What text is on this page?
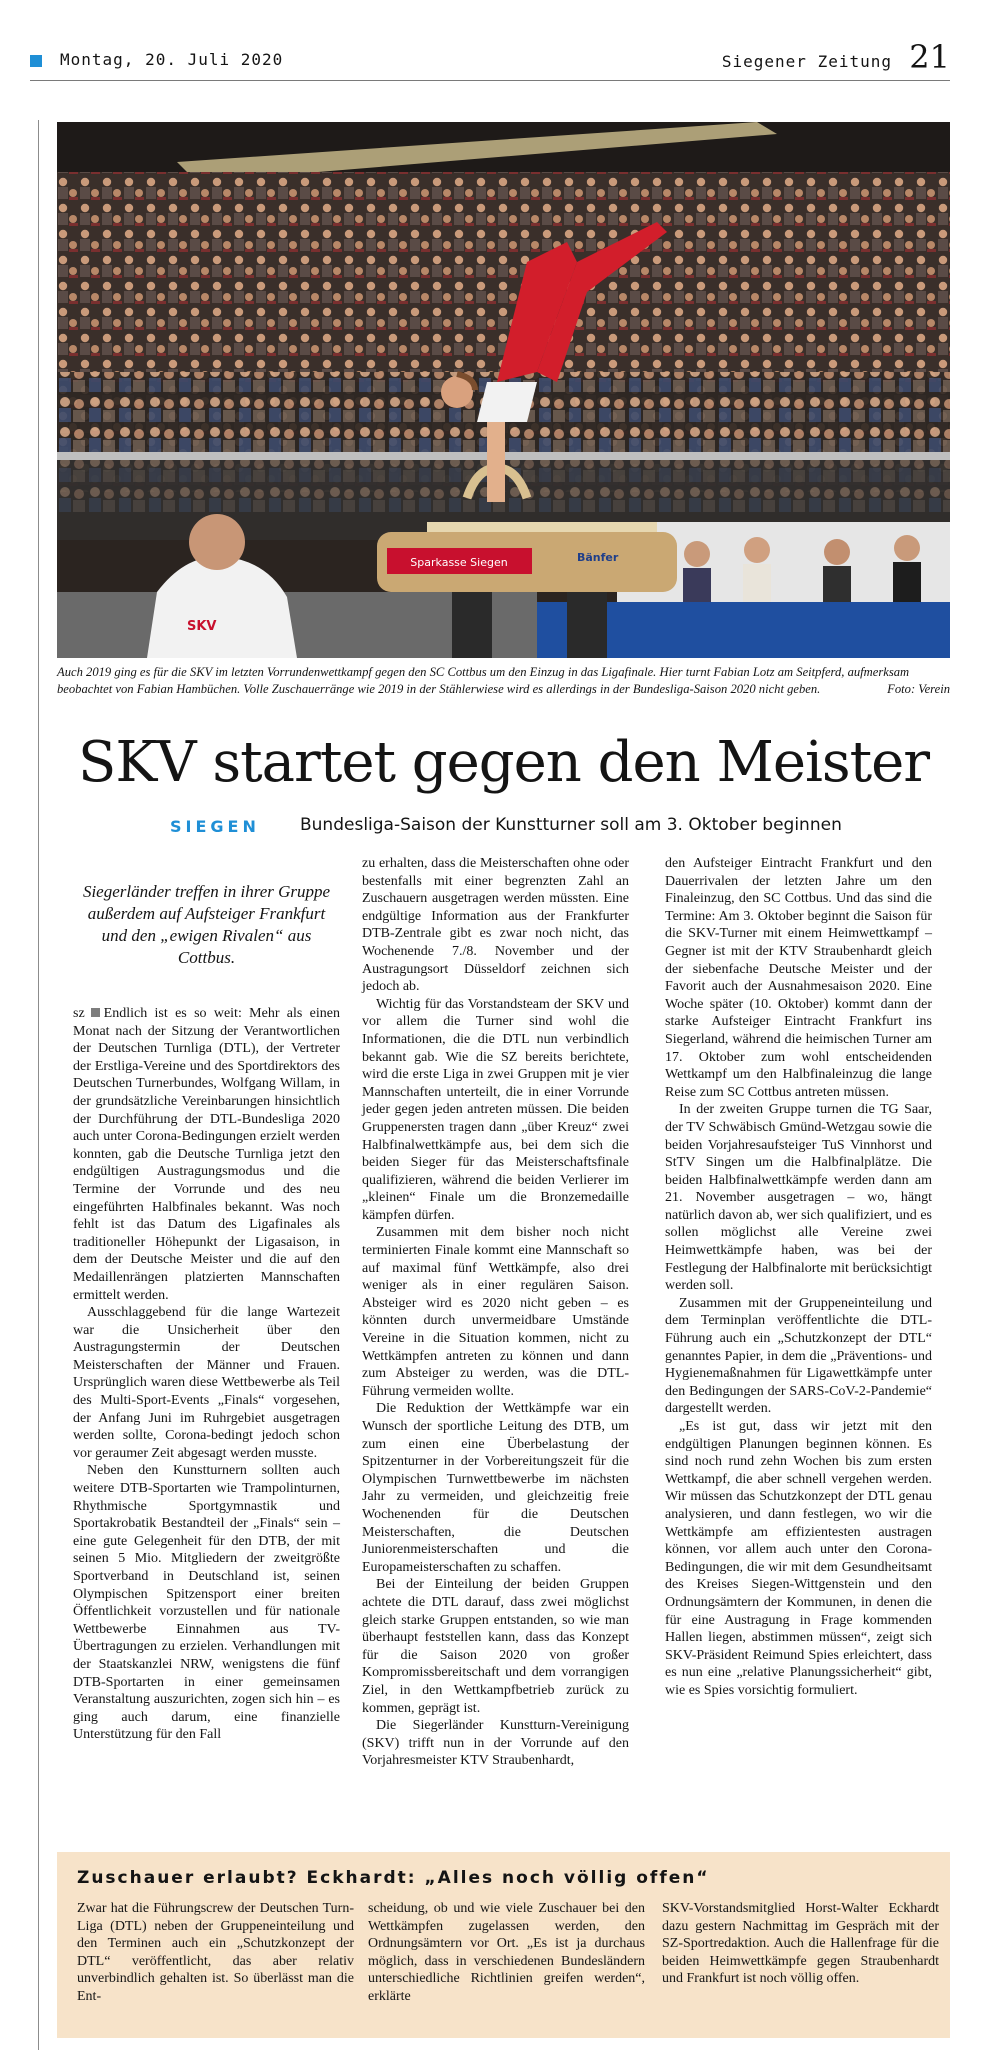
Montag, 20. Juli 2020	Siegener Zeitung 21
Sparkasse Siegen	Bänfer
SKV
Auch 2019 ging es für die SKV im letzten Vorrundenwettkampf gegen den SC Cottbus um den Einzug in das Ligafinale. Hier turnt Fabian Lotz am Seitpferd, aufmerksam beobachtet von Fabian Hambüchen. Volle Zuschauerränge wie 2019 in der Stählerwiese wird es allerdings in der Bundesliga-Saison 2020 nicht geben.	Foto: Verein
SKV startet gegen den Meister
SIEGEN Bundesliga-Saison der Kunstturner soll am 3. Oktober beginnen
Siegerländer treffen in ihrer Gruppe außerdem auf Aufsteiger Frankfurt und den „ewigen Rivalen“ aus Cottbus.

sz Endlich ist es so weit: Mehr als einen Monat nach der Sitzung der Verantwortlichen der Deutschen Turnliga (DTL), der Vertreter der Erstliga-Vereine und des Sportdirektors des Deutschen Turnerbundes, Wolfgang Willam, in der grundsätzliche Vereinbarungen hinsichtlich der Durchführung der DTL-Bundesliga 2020 auch unter Corona-Bedingungen erzielt werden konnten, gab die Deutsche Turnliga jetzt den endgültigen Austragungsmodus und die Termine der Vorrunde und des neu eingeführten Halbfinales bekannt. Was noch fehlt ist das Datum des Ligafinales als traditioneller Höhepunkt der Ligasaison, in dem der Deutsche Meister und die auf den Medaillenrängen platzierten Mannschaften ermittelt werden.

Ausschlaggebend für die lange Wartezeit war die Unsicherheit über den Austragungstermin der Deutschen Meisterschaften der Männer und Frauen. Ursprünglich waren diese Wettbewerbe als Teil des Multi-Sport-Events „Finals“ vorgesehen, der Anfang Juni im Ruhrgebiet ausgetragen werden sollte, Corona-bedingt jedoch schon vor geraumer Zeit abgesagt werden musste.

Neben den Kunstturnern sollten auch weitere DTB-Sportarten wie Trampolinturnen, Rhythmische Sportgymnastik und Sportakrobatik Bestandteil der „Finals“ sein – eine gute Gelegenheit für den DTB, der mit seinen 5 Mio. Mitgliedern der zweitgrößte Sportverband in Deutschland ist, seinen Olympischen Spitzensport einer breiten Öffentlichkeit vorzustellen und für nationale Wettbewerbe Einnahmen aus TV-Übertragungen zu erzielen. Verhandlungen mit der Staatskanzlei NRW, wenigstens die fünf DTB-Sportarten in einer gemeinsamen Veranstaltung auszurichten, zogen sich hin – es ging auch darum, eine finanzielle Unterstützung für den Fall

zu erhalten, dass die Meisterschaften ohne oder bestenfalls mit einer begrenzten Zahl an Zuschauern ausgetragen werden müssten. Eine endgültige Information aus der Frankfurter DTB-Zentrale gibt es zwar noch nicht, das Wochenende 7./8. November und der Austragungsort Düsseldorf zeichnen sich jedoch ab.

Wichtig für das Vorstandsteam der SKV und vor allem die Turner sind wohl die Informationen, die die DTL nun verbindlich bekannt gab. Wie die SZ bereits berichtete, wird die erste Liga in zwei Gruppen mit je vier Mannschaften unterteilt, die in einer Vorrunde jeder gegen jeden antreten müssen. Die beiden Gruppenersten tragen dann „über Kreuz“ zwei Halbfinalwettkämpfe aus, bei dem sich die beiden Sieger für das Meisterschaftsfinale qualifizieren, während die beiden Verlierer im „kleinen“ Finale um die Bronzemedaille kämpfen dürfen.

Zusammen mit dem bisher noch nicht terminierten Finale kommt eine Mannschaft so auf maximal fünf Wettkämpfe, also drei weniger als in einer regulären Saison. Absteiger wird es 2020 nicht geben – es könnten durch unvermeidbare Umstände Vereine in die Situation kommen, nicht zu Wettkämpfen antreten zu können und dann zum Absteiger zu werden, was die DTL-Führung vermeiden wollte.

Die Reduktion der Wettkämpfe war ein Wunsch der sportliche Leitung des DTB, um zum einen eine Überbelastung der Spitzenturner in der Vorbereitungszeit für die Olympischen Turnwettbewerbe im nächsten Jahr zu vermeiden, und gleichzeitig freie Wochenenden für die Deutschen Meisterschaften, die Deutschen Juniorenmeisterschaften und die Europameisterschaften zu schaffen.

Bei der Einteilung der beiden Gruppen achtete die DTL darauf, dass zwei möglichst gleich starke Gruppen entstanden, so wie man überhaupt feststellen kann, dass das Konzept für die Saison 2020 von großer Kompromissbereitschaft und dem vorrangigen Ziel, in den Wettkampfbetrieb zurück zu kommen, geprägt ist.

Die Siegerländer Kunstturn-Vereinigung (SKV) trifft nun in der Vorrunde auf den Vorjahresmeister KTV Straubenhardt,

den Aufsteiger Eintracht Frankfurt und den Dauerrivalen der letzten Jahre um den Finaleinzug, den SC Cottbus. Und das sind die Termine: Am 3. Oktober beginnt die Saison für die SKV-Turner mit einem Heimwettkampf – Gegner ist mit der KTV Straubenhardt gleich der siebenfache Deutsche Meister und der Favorit auch der Ausnahmesaison 2020. Eine Woche später (10. Oktober) kommt dann der starke Aufsteiger Eintracht Frankfurt ins Siegerland, während die heimischen Turner am 17. Oktober zum wohl entscheidenden Wettkampf um den Halbfinaleinzug die lange Reise zum SC Cottbus antreten müssen.

In der zweiten Gruppe turnen die TG Saar, der TV Schwäbisch Gmünd-Wetzgau sowie die beiden Vorjahresaufsteiger TuS Vinnhorst und StTV Singen um die Halbfinalplätze. Die beiden Halbfinalwettkämpfe werden dann am 21. November ausgetragen – wo, hängt natürlich davon ab, wer sich qualifiziert, und es sollen möglichst alle Vereine zwei Heimwettkämpfe haben, was bei der Festlegung der Halbfinalorte mit berücksichtigt werden soll.

Zusammen mit der Gruppeneinteilung und dem Terminplan veröffentlichte die DTL-Führung auch ein „Schutzkonzept der DTL“ genanntes Papier, in dem die „Präventions- und Hygienemaßnahmen für Ligawettkämpfe unter den Bedingungen der SARS-CoV-2-Pandemie“ dargestellt werden.

„Es ist gut, dass wir jetzt mit den endgültigen Planungen beginnen können. Es sind noch rund zehn Wochen bis zum ersten Wettkampf, die aber schnell vergehen werden. Wir müssen das Schutzkonzept der DTL genau analysieren, und dann festlegen, wo wir die Wettkämpfe am effizientesten austragen können, vor allem auch unter den Corona-Bedingungen, die wir mit dem Gesundheitsamt des Kreises Siegen-Wittgenstein und den Ordnungsämtern der Kommunen, in denen die für eine Austragung in Frage kommenden Hallen liegen, abstimmen müssen“, zeigt sich SKV-Präsident Reimund Spies erleichtert, dass es nun eine „relative Planungssicherheit“ gibt, wie es Spies vorsichtig formuliert.

Zuschauer erlaubt? Eckhardt: „Alles noch völlig offen“
Zwar hat die Führungscrew der Deutschen Turn-Liga (DTL) neben der Gruppeneinteilung und den Terminen auch ein „Schutzkonzept der DTL“ veröffentlicht, das aber relativ unverbindlich gehalten ist. So überlässt man die Ent-
scheidung, ob und wie viele Zuschauer bei den Wettkämpfen zugelassen werden, den Ordnungsämtern vor Ort. „Es ist ja durchaus möglich, dass in verschiedenen Bundesländern unterschiedliche Richtlinien greifen werden“, erklärte
SKV-Vorstandsmitglied Horst-Walter Eckhardt dazu gestern Nachmittag im Gespräch mit der SZ-Sportredaktion. Auch die Hallenfrage für die beiden Heimwettkämpfe gegen Straubenhardt und Frankfurt ist noch völlig offen.
